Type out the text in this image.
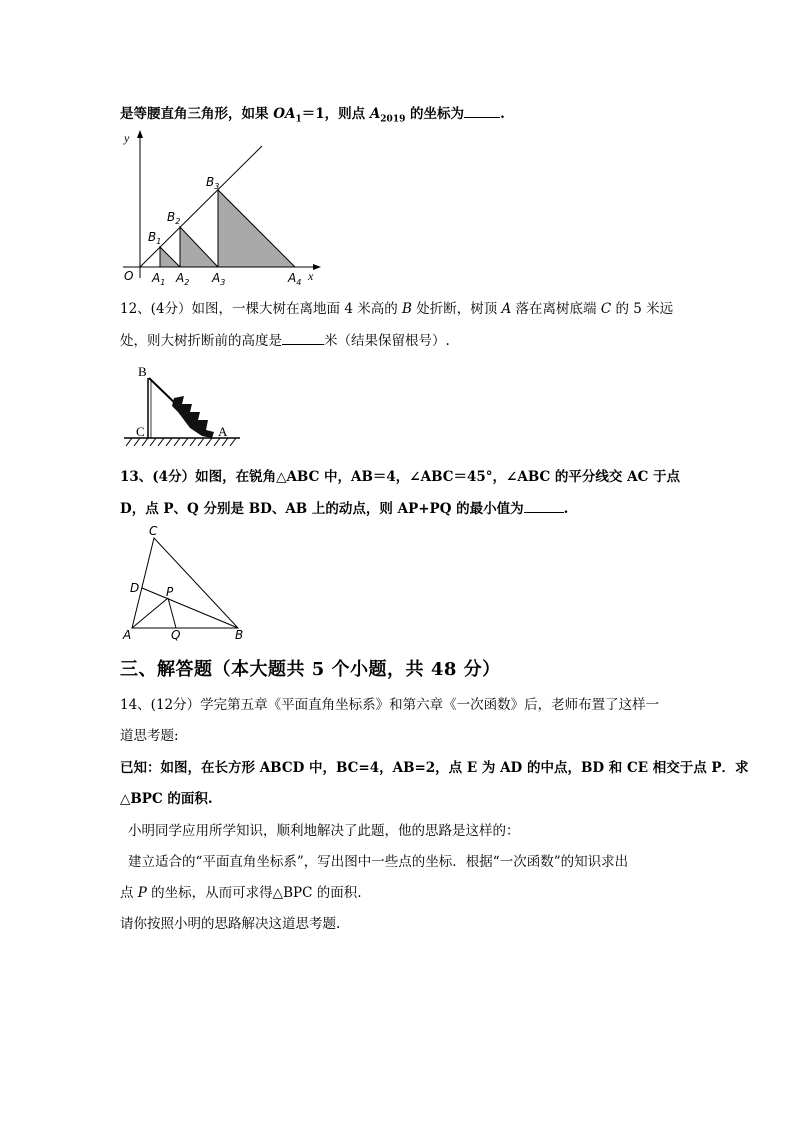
是等腰直角三角形，如果 $OA_1=1$，则点 $A_{2019}$ 的坐标为	.
y
x
O $A_1$ $A_2$ $A_3$	$A_4$
$B_1$
$B_2$
$B_3$
12、(4分）如图，一棵大树在离地面 4 米高的 B 处折断，树顶 A 落在离树底端 C 的 5 米远
处，则大树折断前的高度是	米（结果保留根号）.
B
C	A
13、(4分）如图，在锐角△ABC 中，AB＝4，∠ABC＝45°，∠ABC 的平分线交 AC 于点
D，点 P、Q 分别是 BD、AB 上的动点，则 AP+PQ 的最小值为	.
C
D P
A	Q	B
三、解答题（本大题共 5 个小题，共 48 分）
14、(12分）学完第五章《平面直角坐标系》和第六章《一次函数》后，老师布置了这样一
道思考题:
已知：如图，在长方形 ABCD 中，BC=4，AB=2，点 E 为 AD 的中点，BD 和 CE 相交于点 P．求
△BPC 的面积.
小明同学应用所学知识，顺利地解决了此题，他的思路是这样的：
建立适合的“平面直角坐标系”，写出图中一些点的坐标．根据“一次函数”的知识求出
点 P 的坐标，从而可求得△BPC 的面积.
请你按照小明的思路解决这道思考题.
